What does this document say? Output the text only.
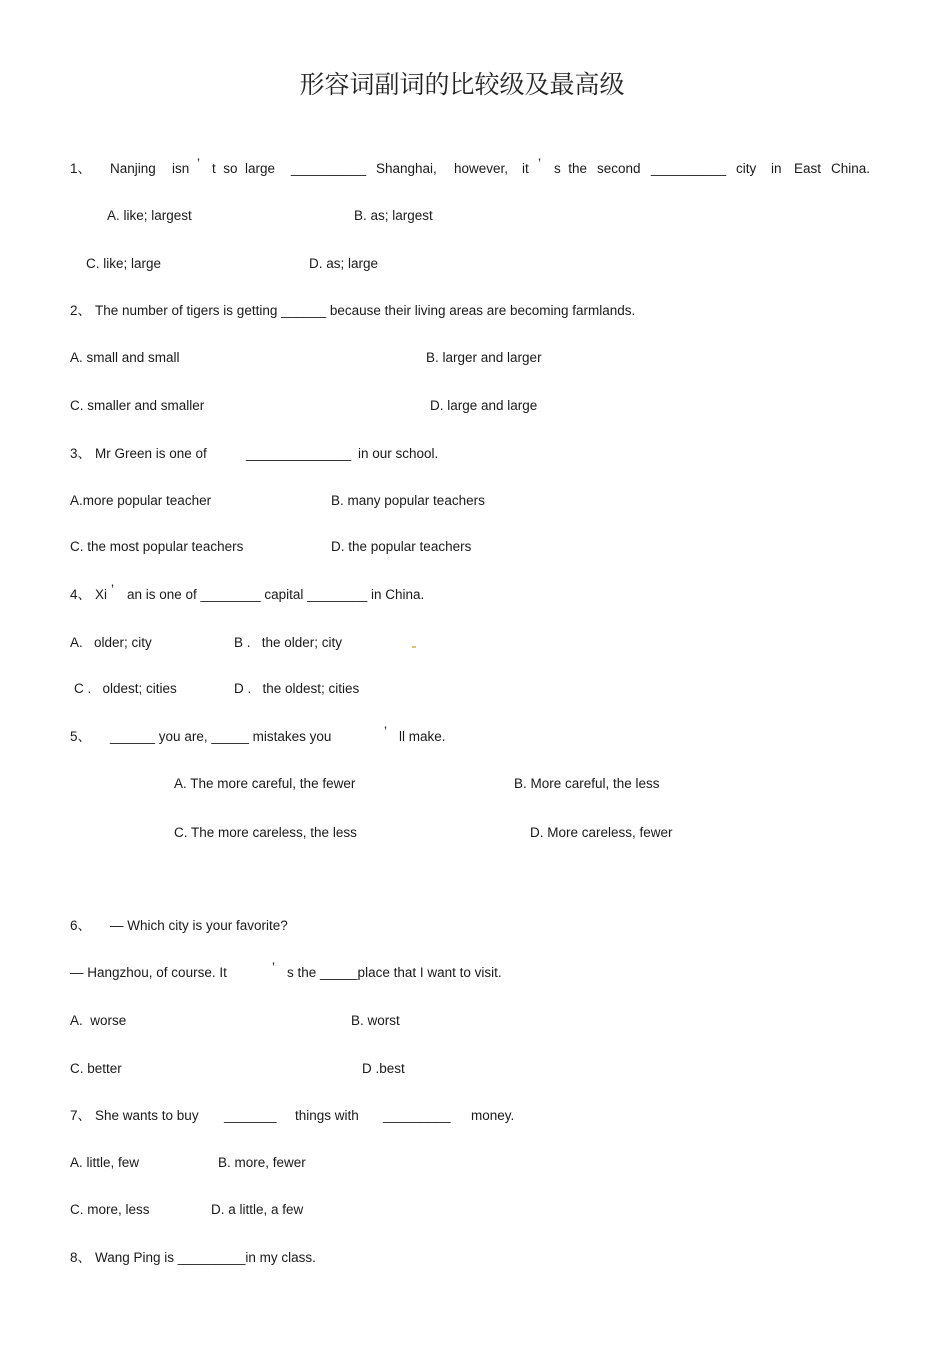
形容词副词的比较级及最高级
1、 Nanjing isn ’ t  so  large __________ Shanghai, however, it ’ s  the second __________ city in East China.
A. like; largest	B. as; largest
C. like; large	D. as; large
2、 The number of tigers is getting ______ because their living areas are becoming farmlands.
A. small and small	B. larger and larger
C. smaller and smaller	D. large and large
3、 Mr Green is one of	______________ in our school.
A.more popular teacher	B. many popular teachers
C. the most popular teachers	D. the popular teachers
4、 Xi ’ an is one of ________ capital ________ in China.
A.   older; city	B .   the older; city
C .   oldest; cities	D .   the oldest; cities
5、 ______ you are, _____ mistakes you	’ ll make.
A. The more careful, the fewer	B. More careful, the less
C. The more careless, the less	D. More careless, fewer
6、 — Which city is your favorite?
— Hangzhou, of course. It	’ s the _____place that I want to visit.
A.  worse	B. worst
C. better	D .best
7、 She wants to buy _______ things with _________ money.
A. little, few	B. more, fewer
C. more, less	D. a little, a few
8、 Wang Ping is _________in my class.
